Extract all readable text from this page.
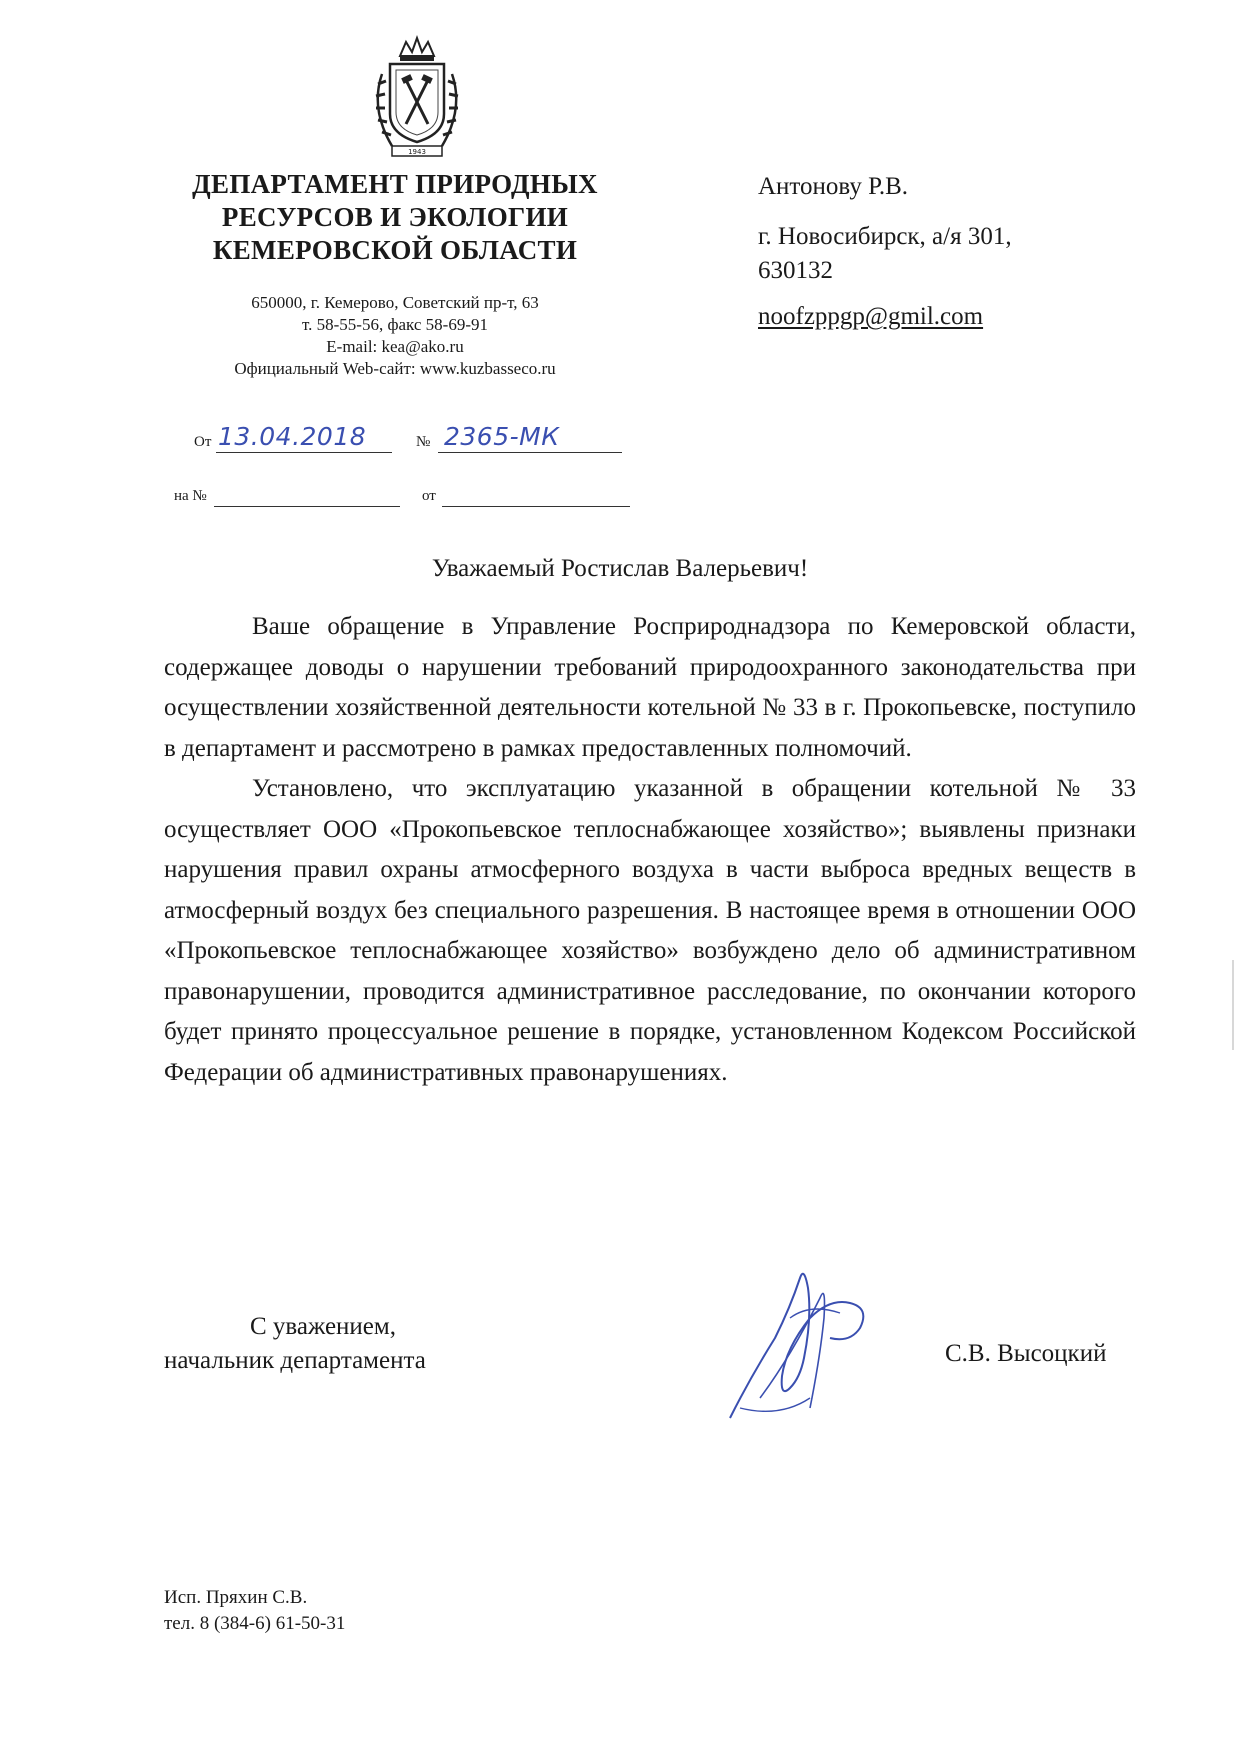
1943
ДЕПАРТАМЕНТ ПРИРОДНЫХ
РЕСУРСОВ И ЭКОЛОГИИ
КЕМЕРОВСКОЙ ОБЛАСТИ
650000, г. Кемерово, Советский пр-т, 63
т. 58-55-56, факс 58-69-91
E-mail: kea@ako.ru
Официальный Web-сайт: www.kuzbasseco.ru
Антонову Р.В.
г. Новосибирск, а/я 301,
630132
noofzppgp@gmil.com
От 13.04.2018	№ 2365-МК
на №	от
Уважаемый Ростислав Валерьевич!

Ваше обращение в Управление Росприроднадзора по Кемеровской области, содержащее доводы о нарушении требований природоохранного законодательства при осуществлении хозяйственной деятельности котельной № 33 в г. Прокопьевске, поступило в департамент и рассмотрено в рамках предоставленных полномочий.

Установлено, что эксплуатацию указанной в обращении котельной № 33 осуществляет ООО «Прокопьевское теплоснабжающее хозяйство»; выявлены признаки нарушения правил охраны атмосферного воздуха в части выброса вредных веществ в атмосферный воздух без специального разрешения. В настоящее время в отношении ООО «Прокопьевское теплоснабжающее хозяйство» возбуждено дело об административном правонарушении, проводится административное расследование, по окончании которого будет принято процессуальное решение в порядке, установленном Кодексом Российской Федерации об административных правонарушениях.

С уважением,
начальник департамента	С.В. Высоцкий
Исп. Пряхин С.В.
тел. 8 (384-6) 61-50-31
